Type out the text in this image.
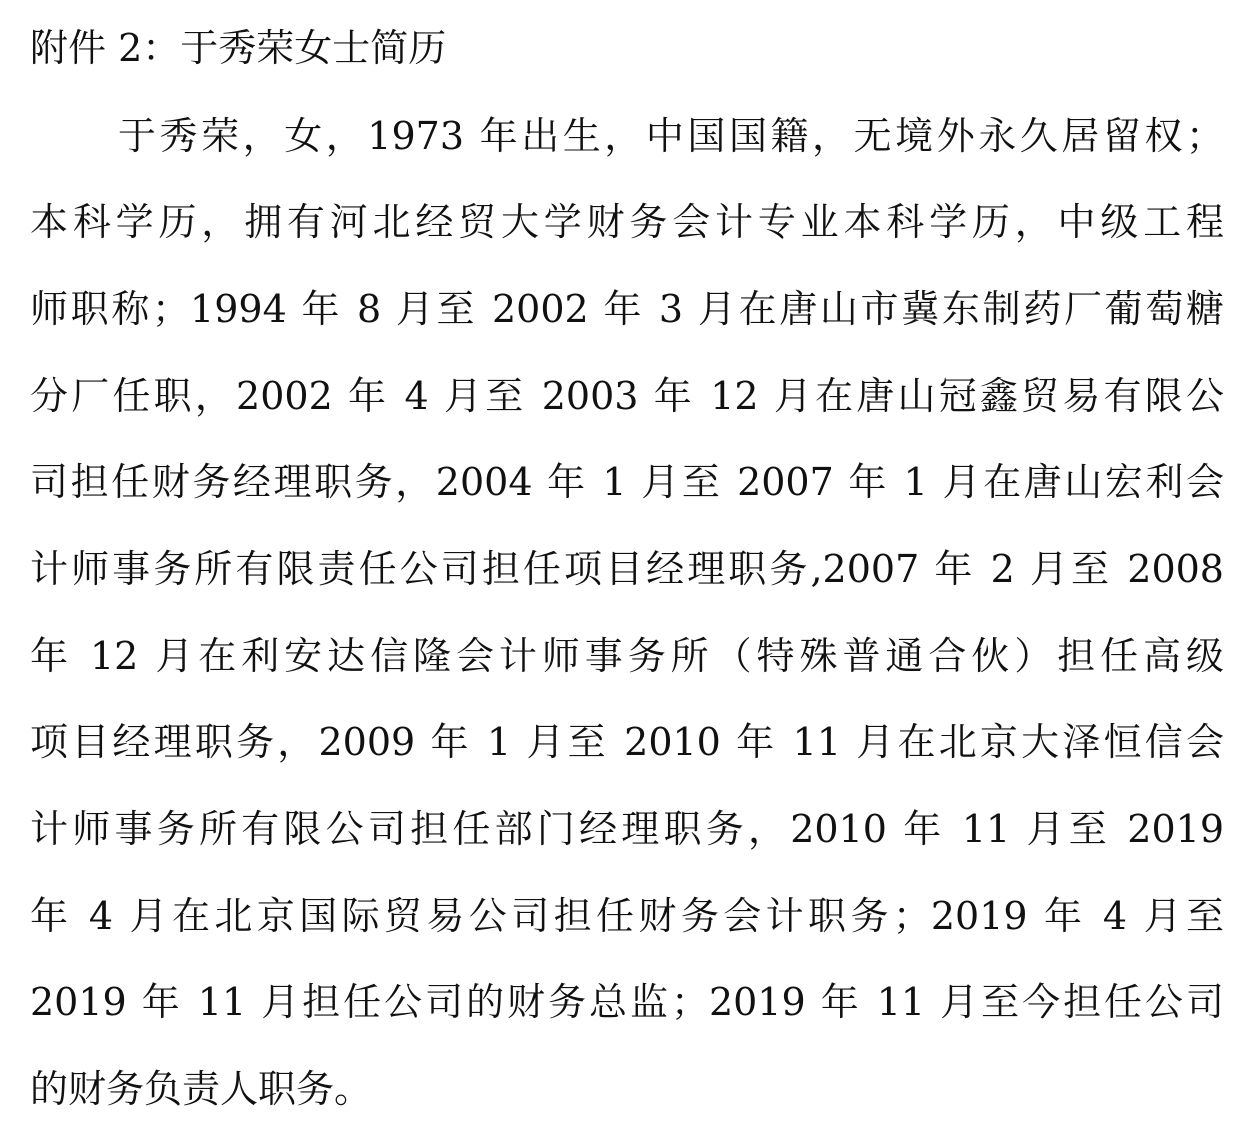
附件 2：于秀荣女士简历
于秀荣，女，1973 年出生，中国国籍，无境外永久居留权；
本科学历，拥有河北经贸大学财务会计专业本科学历，中级工程
师职称；1994 年 8 月至 2002 年 3 月在唐山市冀东制药厂葡萄糖
分厂任职，2002 年 4 月至 2003 年 12 月在唐山冠鑫贸易有限公
司担任财务经理职务，2004 年 1 月至 2007 年 1 月在唐山宏利会
计师事务所有限责任公司担任项目经理职务,2007 年 2 月至 2008
年 12 月在利安达信隆会计师事务所（特殊普通合伙）担任高级
项目经理职务，2009 年 1 月至 2010 年 11 月在北京大泽恒信会
计师事务所有限公司担任部门经理职务，2010 年 11 月至 2019
年 4 月在北京国际贸易公司担任财务会计职务；2019 年 4 月至
2019 年 11 月担任公司的财务总监；2019 年 11 月至今担任公司
的财务负责人职务。
